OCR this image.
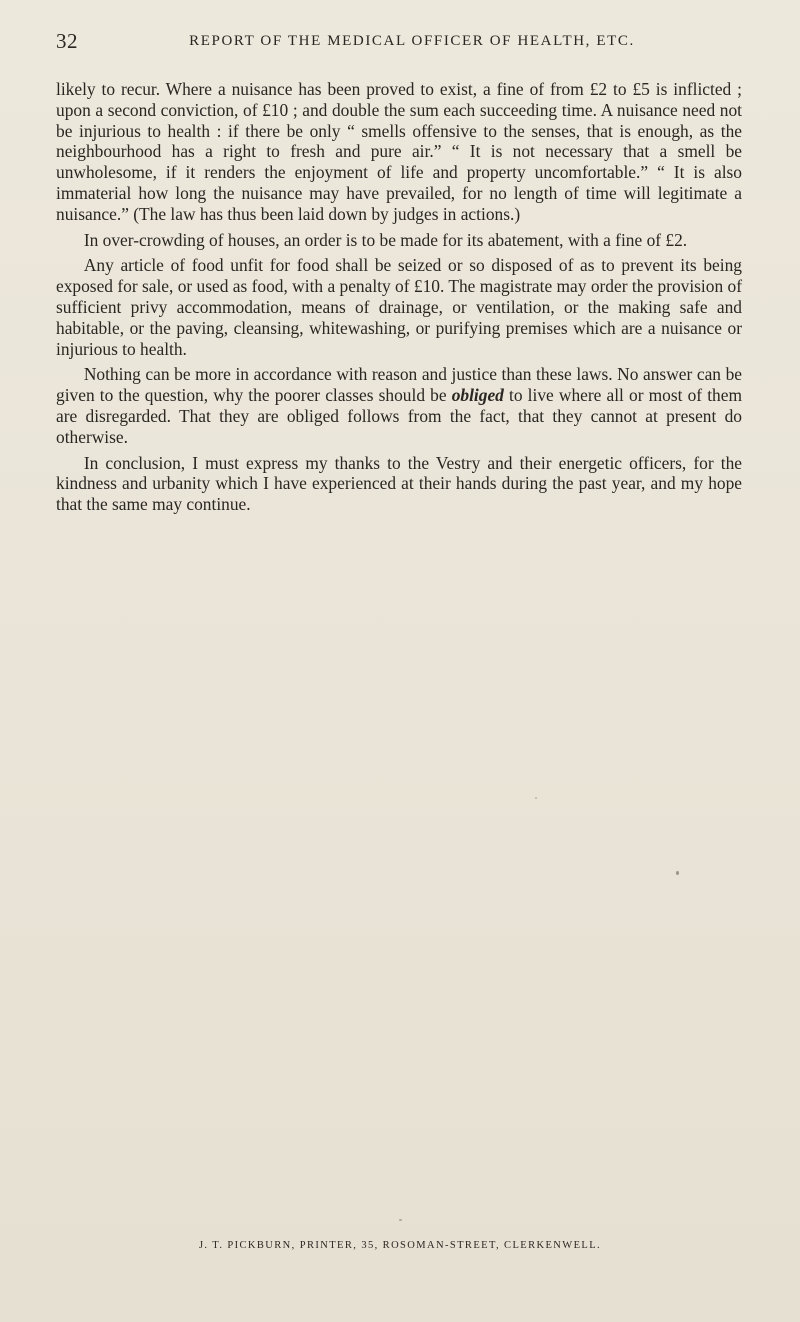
32	REPORT OF THE MEDICAL OFFICER OF HEALTH, ETC.

likely to recur. Where a nuisance has been proved to exist, a fine of from £2 to £5 is inflicted ; upon a second conviction, of £10 ; and double the sum each succeeding time. A nuisance need not be injurious to health : if there be only “ smells offensive to the senses, that is enough, as the neighbourhood has a right to fresh and pure air.” “ It is not necessary that a smell be unwholesome, if it renders the enjoyment of life and property uncomfortable.” “ It is also immaterial how long the nuisance may have prevailed, for no length of time will legitimate a nuisance.” (The law has thus been laid down by judges in actions.)

In over-crowding of houses, an order is to be made for its abatement, with a fine of £2.

Any article of food unfit for food shall be seized or so disposed of as to prevent its being exposed for sale, or used as food, with a penalty of £10. The magistrate may order the provision of sufficient privy accommodation, means of drainage, or ventilation, or the making safe and habitable, or the paving, cleansing, whitewashing, or purifying premises which are a nuisance or injurious to health.

Nothing can be more in accordance with reason and justice than these laws. No answer can be given to the question, why the poorer classes should be obliged to live where all or most of them are disregarded. That they are obliged follows from the fact, that they cannot at present do otherwise.

In conclusion, I must express my thanks to the Vestry and their energetic officers, for the kindness and urbanity which I have experienced at their hands during the past year, and my hope that the same may continue.

J. T. PICKBURN, PRINTER, 35, ROSOMAN-STREET, CLERKENWELL.
